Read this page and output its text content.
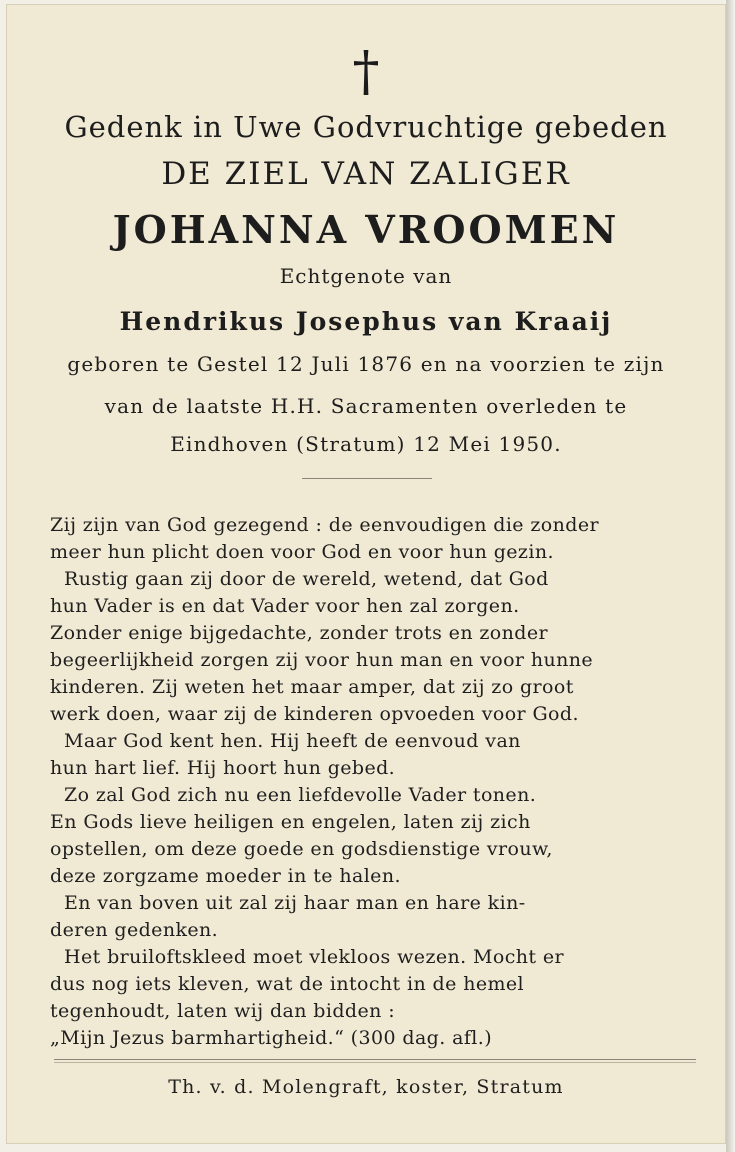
†
Gedenk in Uwe Godvruchtige gebeden
DE ZIEL VAN ZALIGER
JOHANNA VROOMEN
Echtgenote van
Hendrikus Josephus van Kraaij
geboren te Gestel 12 Juli 1876 en na voorzien te zijn
van de laatste H.H. Sacramenten overleden te
Eindhoven (Stratum) 12 Mei 1950.
Zij zijn van God gezegend : de eenvoudigen die zonder
meer hun plicht doen voor God en voor hun gezin.
Rustig gaan zij door de wereld, wetend, dat God
hun Vader is en dat Vader voor hen zal zorgen.
Zonder enige bijgedachte, zonder trots en zonder
begeerlijkheid zorgen zij voor hun man en voor hunne
kinderen. Zij weten het maar amper, dat zij zo groot
werk doen, waar zij de kinderen opvoeden voor God.
Maar God kent hen. Hij heeft de eenvoud van
hun hart lief. Hij hoort hun gebed.
Zo zal God zich nu een liefdevolle Vader tonen.
En Gods lieve heiligen en engelen, laten zij zich
opstellen, om deze goede en godsdienstige vrouw,
deze zorgzame moeder in te halen.
En van boven uit zal zij haar man en hare kin-
deren gedenken.
Het bruiloftskleed moet vlekloos wezen. Mocht er
dus nog iets kleven, wat de intocht in de hemel
tegenhoudt, laten wij dan bidden :
„Mijn Jezus barmhartigheid.“ (300 dag. afl.)
Th. v. d. Molengraft, koster, Stratum
